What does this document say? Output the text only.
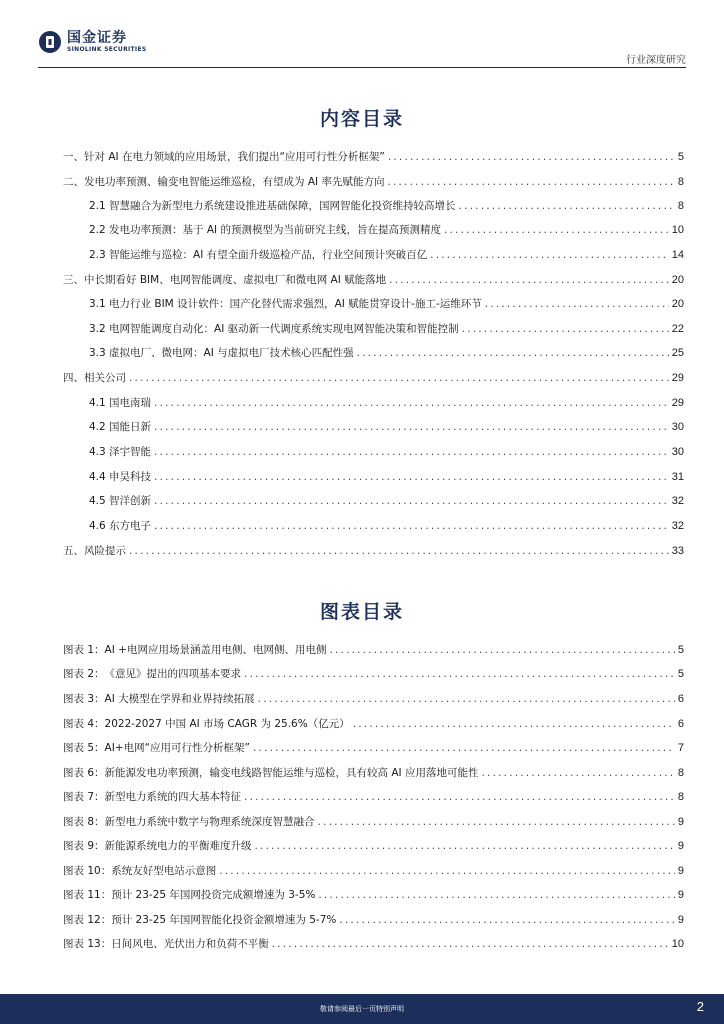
国金证券
SINOLINK SECURITIES
行业深度研究
内容目录
一、针对 AI 在电力领域的应用场景，我们提出“应用可行性分析框架” .....	5
二、发电功率预测、输变电智能运维巡检，有望成为 AI 率先赋能方向 .....	8
2.1 智慧融合为新型电力系统建设推进基础保障，国网智能化投资维持较高增长 .....	8
2.2 发电功率预测：基于 AI 的预测模型为当前研究主线，旨在提高预测精度 .....	10
2.3 智能运维与巡检：AI 有望全面升级巡检产品，行业空间预计突破百亿 .....	14
三、中长期看好 BIM、电网智能调度、虚拟电厂和微电网 AI 赋能落地 .....	20
3.1 电力行业 BIM 设计软件：国产化替代需求强烈，AI 赋能贯穿设计-施工-运维环节 .....	20
3.2 电网智能调度自动化：AI 驱动新一代调度系统实现电网智能决策和智能控制 .....	22
3.3 虚拟电厂、微电网：AI 与虚拟电厂技术核心匹配性强 .....	25
四、相关公司 .....	29
4.1 国电南瑞 .....	29
4.2 国能日新 .....	30
4.3 泽宇智能 .....	30
4.4 申昊科技 .....	31
4.5 智洋创新 .....	32
4.6 东方电子 .....	32
五、风险提示 .....	33
图表目录
图表 1：AI +电网应用场景涵盖用电侧、电网侧、用电侧 .....	5
图表 2：《意见》提出的四项基本要求 .....	5
图表 3：AI 大模型在学界和业界持续拓展 .....	6
图表 4：2022-2027 中国 AI 市场 CAGR 为 25.6%（亿元） .....	6
图表 5：AI+电网“应用可行性分析框架” .....	7
图表 6：新能源发电功率预测，输变电线路智能运维与巡检，具有较高 AI 应用落地可能性 .....	8
图表 7：新型电力系统的四大基本特征 .....	8
图表 8：新型电力系统中数字与物理系统深度智慧融合 .....	9
图表 9：新能源系统电力的平衡难度升级 .....	9
图表 10：系统友好型电站示意图 .....	9
图表 11：预计 23-25 年国网投资完成额增速为 3-5% .....	9
图表 12：预计 23-25 年国网智能化投资金额增速为 5-7% .....	9
图表 13：日间风电、光伏出力和负荷不平衡 .....	10
敬请参阅最后一页特别声明	2
